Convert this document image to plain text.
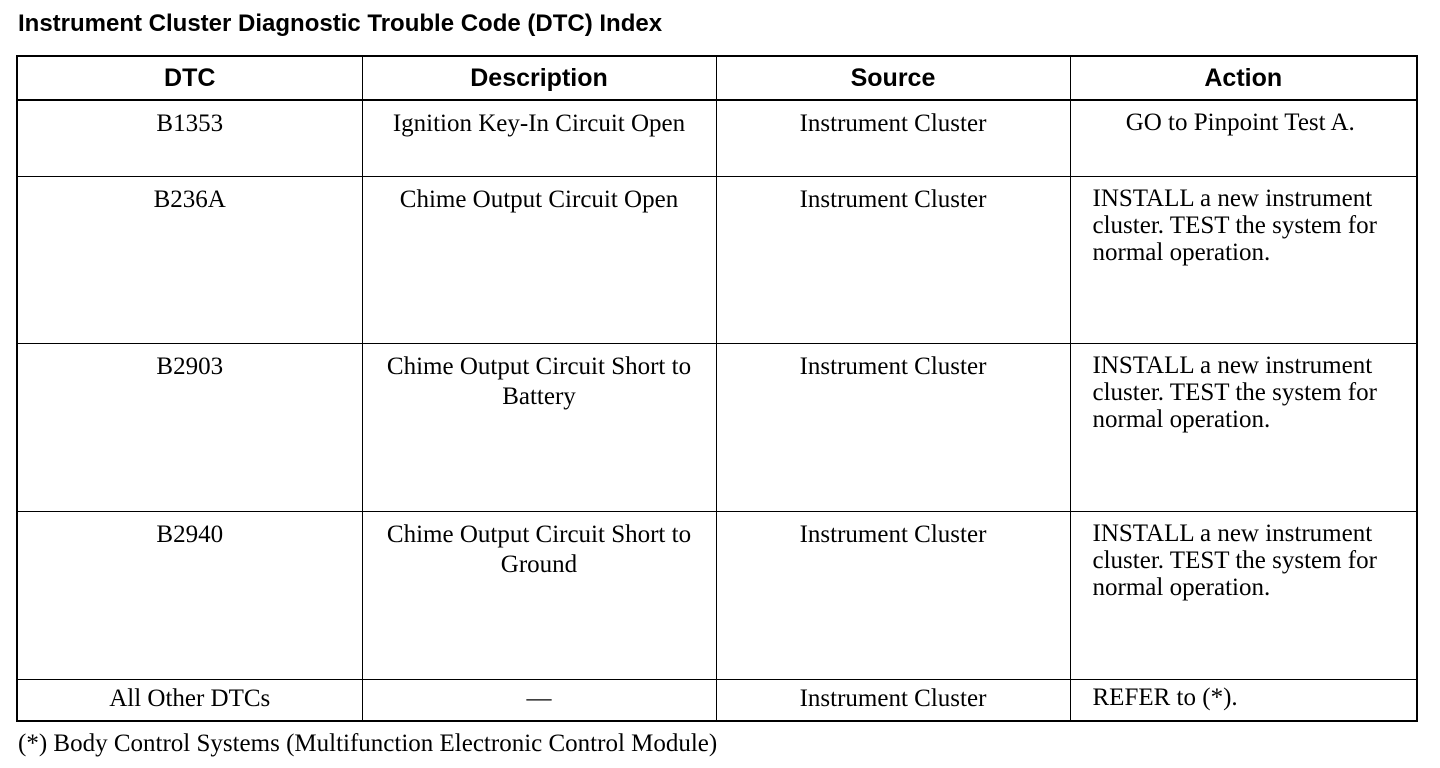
Instrument Cluster Diagnostic Trouble Code (DTC) Index
DTC	Description	Source	Action
B1353	Ignition Key-In Circuit Open	Instrument Cluster	GO to Pinpoint Test A.
B236A	Chime Output Circuit Open	Instrument Cluster	INSTALL a new instrument cluster. TEST the system for normal operation.
B2903	Chime Output Circuit Short to Battery	Instrument Cluster	INSTALL a new instrument cluster. TEST the system for normal operation.
B2940	Chime Output Circuit Short to Ground	Instrument Cluster	INSTALL a new instrument cluster. TEST the system for normal operation.
All Other DTCs	—	Instrument Cluster	REFER to (*).
(*) Body Control Systems (Multifunction Electronic Control Module)
